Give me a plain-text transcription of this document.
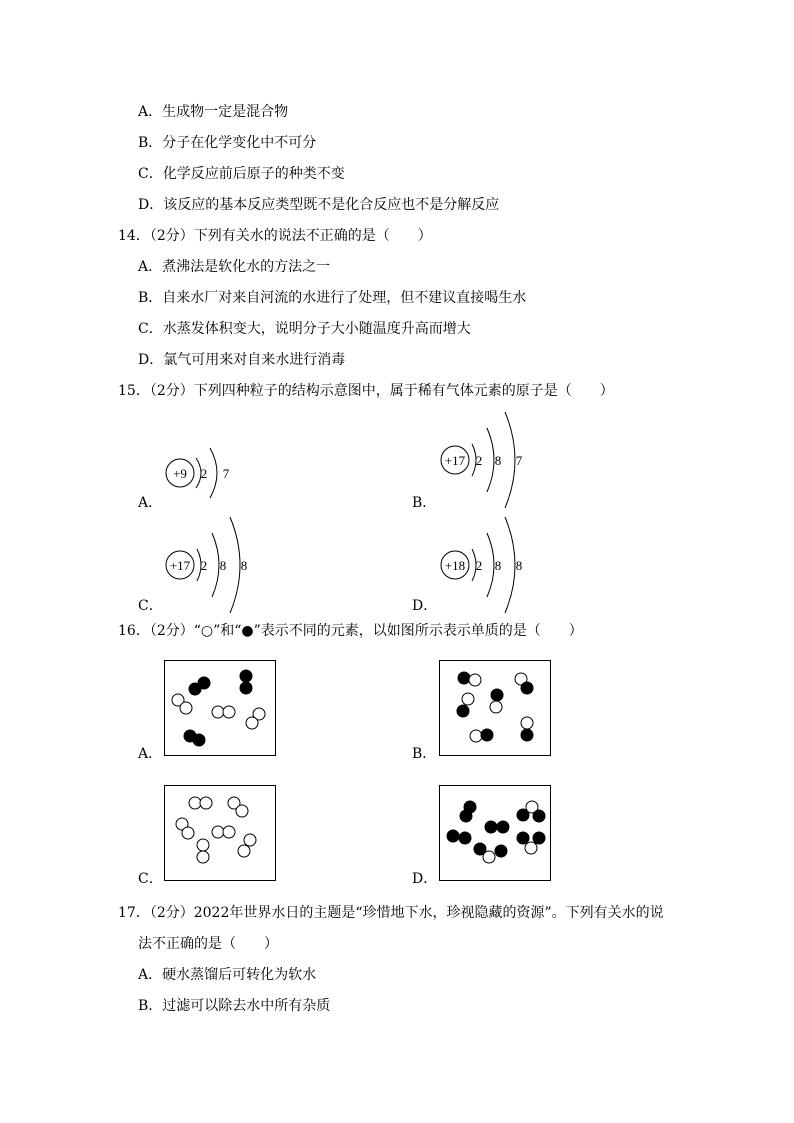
A．生成物一定是混合物
B．分子在化学变化中不可分
C．化学反应前后原子的种类不变
D．该反应的基本反应类型既不是化合反应也不是分解反应
14．（2分）下列有关水的说法不正确的是（　　）
A．煮沸法是软化水的方法之一
B．自来水厂对来自河流的水进行了处理，但不建议直接喝生水
C．水蒸发体积变大，说明分子大小随温度升高而增大
D．氯气可用来对自来水进行消毒
15．（2分）下列四种粒子的结构示意图中，属于稀有气体元素的原子是（　　）
+9 2 7
A．
+17 2 8 7
B．
+17 2 8 8
C．
+18 2 8 8
D．
16．（2分）“○”和“●”表示不同的元素，以如图所示表示单质的是（　　）
A．	B．
C．	D．
17．（2分）2022年世界水日的主题是“珍惜地下水，珍视隐藏的资源”。下列有关水的说
法不正确的是（　　）
A．硬水蒸馏后可转化为软水
B．过滤可以除去水中所有杂质
